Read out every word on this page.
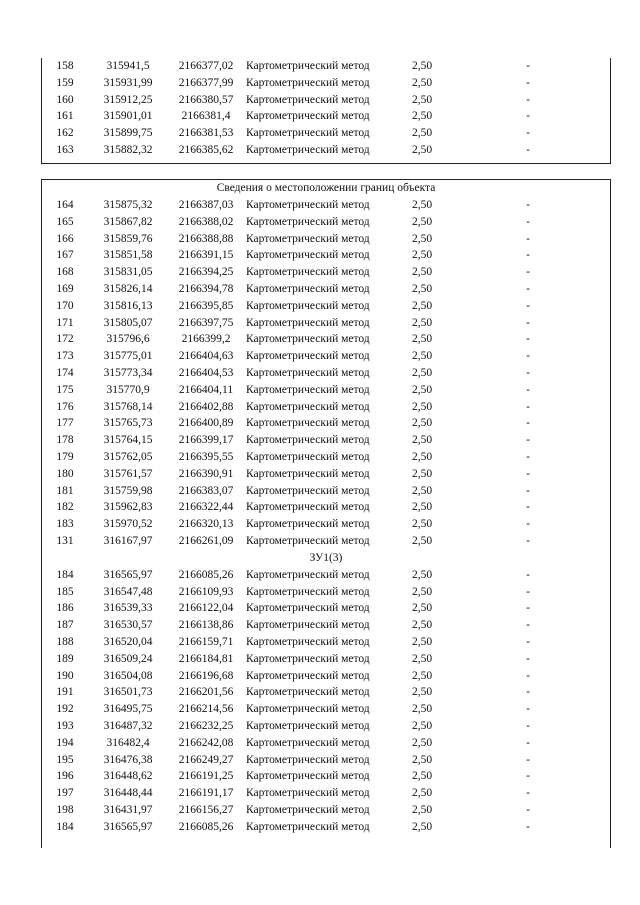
158	315941,5	2166377,02	Картометрический метод	2,50	-
159	315931,99	2166377,99	Картометрический метод	2,50	-
160	315912,25	2166380,57	Картометрический метод	2,50	-
161	315901,01	2166381,4	Картометрический метод	2,50	-
162	315899,75	2166381,53	Картометрический метод	2,50	-
163	315882,32	2166385,62	Картометрический метод	2,50	-
Сведения о местоположении границ объекта
164	315875,32	2166387,03	Картометрический метод	2,50	-
165	315867,82	2166388,02	Картометрический метод	2,50	-
166	315859,76	2166388,88	Картометрический метод	2,50	-
167	315851,58	2166391,15	Картометрический метод	2,50	-
168	315831,05	2166394,25	Картометрический метод	2,50	-
169	315826,14	2166394,78	Картометрический метод	2,50	-
170	315816,13	2166395,85	Картометрический метод	2,50	-
171	315805,07	2166397,75	Картометрический метод	2,50	-
172	315796,6	2166399,2	Картометрический метод	2,50	-
173	315775,01	2166404,63	Картометрический метод	2,50	-
174	315773,34	2166404,53	Картометрический метод	2,50	-
175	315770,9	2166404,11	Картометрический метод	2,50	-
176	315768,14	2166402,88	Картометрический метод	2,50	-
177	315765,73	2166400,89	Картометрический метод	2,50	-
178	315764,15	2166399,17	Картометрический метод	2,50	-
179	315762,05	2166395,55	Картометрический метод	2,50	-
180	315761,57	2166390,91	Картометрический метод	2,50	-
181	315759,98	2166383,07	Картометрический метод	2,50	-
182	315962,83	2166322,44	Картометрический метод	2,50	-
183	315970,52	2166320,13	Картометрический метод	2,50	-
131	316167,97	2166261,09	Картометрический метод	2,50	-
ЗУ1(3)
184	316565,97	2166085,26	Картометрический метод	2,50	-
185	316547,48	2166109,93	Картометрический метод	2,50	-
186	316539,33	2166122,04	Картометрический метод	2,50	-
187	316530,57	2166138,86	Картометрический метод	2,50	-
188	316520,04	2166159,71	Картометрический метод	2,50	-
189	316509,24	2166184,81	Картометрический метод	2,50	-
190	316504,08	2166196,68	Картометрический метод	2,50	-
191	316501,73	2166201,56	Картометрический метод	2,50	-
192	316495,75	2166214,56	Картометрический метод	2,50	-
193	316487,32	2166232,25	Картометрический метод	2,50	-
194	316482,4	2166242,08	Картометрический метод	2,50	-
195	316476,38	2166249,27	Картометрический метод	2,50	-
196	316448,62	2166191,25	Картометрический метод	2,50	-
197	316448,44	2166191,17	Картометрический метод	2,50	-
198	316431,97	2166156,27	Картометрический метод	2,50	-
184	316565,97	2166085,26	Картометрический метод	2,50	-
